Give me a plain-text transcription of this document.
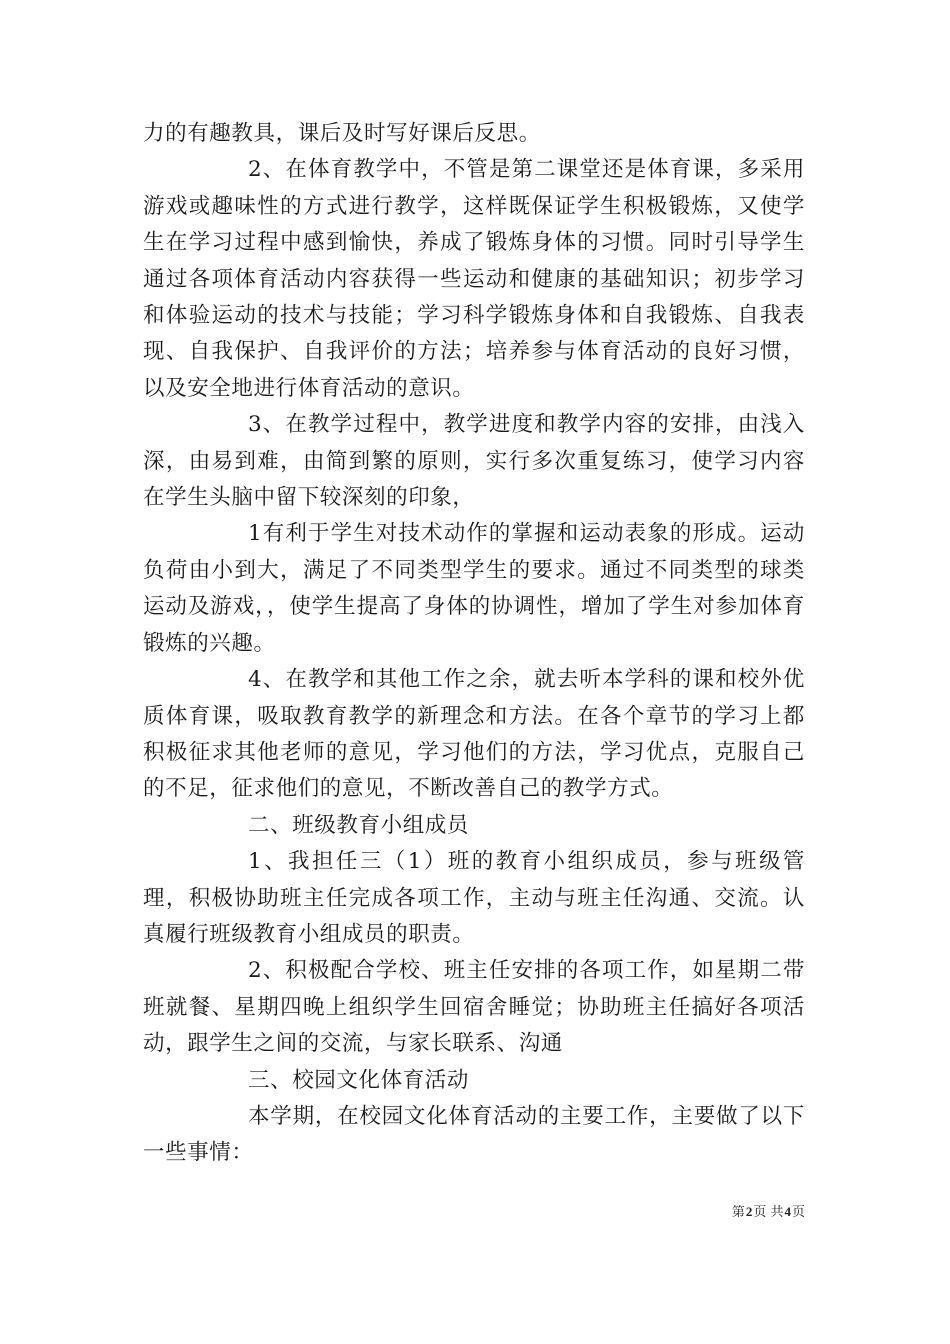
力的有趣教具，课后及时写好课后反思。

2、在体育教学中，不管是第二课堂还是体育课，多采用游戏或趣味性的方式进行教学，这样既保证学生积极锻炼，又使学生在学习过程中感到愉快，养成了锻炼身体的习惯。同时引导学生通过各项体育活动内容获得一些运动和健康的基础知识；初步学习和体验运动的技术与技能；学习科学锻炼身体和自我锻炼、自我表现、自我保护、自我评价的方法；培养参与体育活动的良好习惯，以及安全地进行体育活动的意识。

3、在教学过程中，教学进度和教学内容的安排，由浅入深，由易到难，由简到繁的原则，实行多次重复练习，使学习内容在学生头脑中留下较深刻的印象，

1有利于学生对技术动作的掌握和运动表象的形成。运动负荷由小到大，满足了不同类型学生的要求。通过不同类型的球类运动及游戏，，使学生提高了身体的协调性，增加了学生对参加体育锻炼的兴趣。

4、在教学和其他工作之余，就去听本学科的课和校外优质体育课，吸取教育教学的新理念和方法。在各个章节的学习上都积极征求其他老师的意见，学习他们的方法，学习优点，克服自己的不足，征求他们的意见，不断改善自己的教学方式。

二、班级教育小组成员

1、我担任三（1）班的教育小组织成员，参与班级管理，积极协助班主任完成各项工作，主动与班主任沟通、交流。认真履行班级教育小组成员的职责。

2、积极配合学校、班主任安排的各项工作，如星期二带班就餐、星期四晚上组织学生回宿舍睡觉；协助班主任搞好各项活动，跟学生之间的交流，与家长联系、沟通

三、校园文化体育活动

本学期，在校园文化体育活动的主要工作，主要做了以下一些事情：

第2页 共4页
